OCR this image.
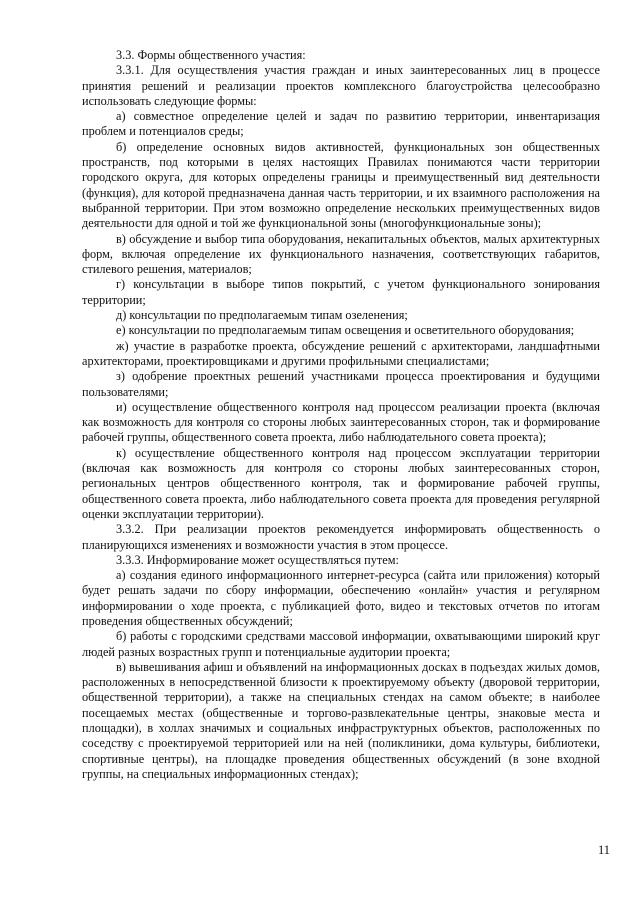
3.3. Формы общественного участия:

3.3.1. Для осуществления участия граждан и иных заинтересованных лиц в процессе принятия решений и реализации проектов комплексного благоустройства целесообразно использовать следующие формы:

а) совместное определение целей и задач по развитию территории, инвентаризация проблем и потенциалов среды;

б) определение основных видов активностей, функциональных зон общественных пространств, под которыми в целях настоящих Правилах понимаются части территории городского округа, для которых определены границы и преимущественный вид деятельности (функция), для которой предназначена данная часть территории, и их взаимного расположения на выбранной территории. При этом возможно определение нескольких преимущественных видов деятельности для одной и той же функциональной зоны (многофункциональные зоны);

в) обсуждение и выбор типа оборудования, некапитальных объектов, малых архитектурных форм, включая определение их функционального назначения, соответствующих габаритов, стилевого решения, материалов;

г) консультации в выборе типов покрытий, с учетом функционального зонирования территории;

д) консультации по предполагаемым типам озеленения;

е) консультации по предполагаемым типам освещения и осветительного оборудования;

ж) участие в разработке проекта, обсуждение решений с архитекторами, ландшафтными архитекторами, проектировщиками и другими профильными специалистами;

з) одобрение проектных решений участниками процесса проектирования и будущими пользователями;

и) осуществление общественного контроля над процессом реализации проекта (включая как возможность для контроля со стороны любых заинтересованных сторон, так и формирование рабочей группы, общественного совета проекта, либо наблюдательного совета проекта);

к) осуществление общественного контроля над процессом эксплуатации территории (включая как возможность для контроля со стороны любых заинтересованных сторон, региональных центров общественного контроля, так и формирование рабочей группы, общественного совета проекта, либо наблюдательного совета проекта для проведения регулярной оценки эксплуатации территории).

3.3.2. При реализации проектов рекомендуется информировать общественность о планирующихся изменениях и возможности участия в этом процессе.

3.3.3. Информирование может осуществляться путем:

а) создания единого информационного интернет-ресурса (сайта или приложения) который будет решать задачи по сбору информации, обеспечению «онлайн» участия и регулярном информировании о ходе проекта, с публикацией фото, видео и текстовых отчетов по итогам проведения общественных обсуждений;

б) работы с городскими средствами массовой информации, охватывающими широкий круг людей разных возрастных групп и потенциальные аудитории проекта;

в) вывешивания афиш и объявлений на информационных досках в подъездах жилых домов, расположенных в непосредственной близости к проектируемому объекту (дворовой территории, общественной территории), а также на специальных стендах на самом объекте; в наиболее посещаемых местах (общественные и торгово-развлекательные центры, знаковые места и площадки), в холлах значимых и социальных инфраструктурных объектов, расположенных по соседству с проектируемой территорией или на ней (поликлиники, дома культуры, библиотеки, спортивные центры), на площадке проведения общественных обсуждений (в зоне входной группы, на специальных информационных стендах);

11
